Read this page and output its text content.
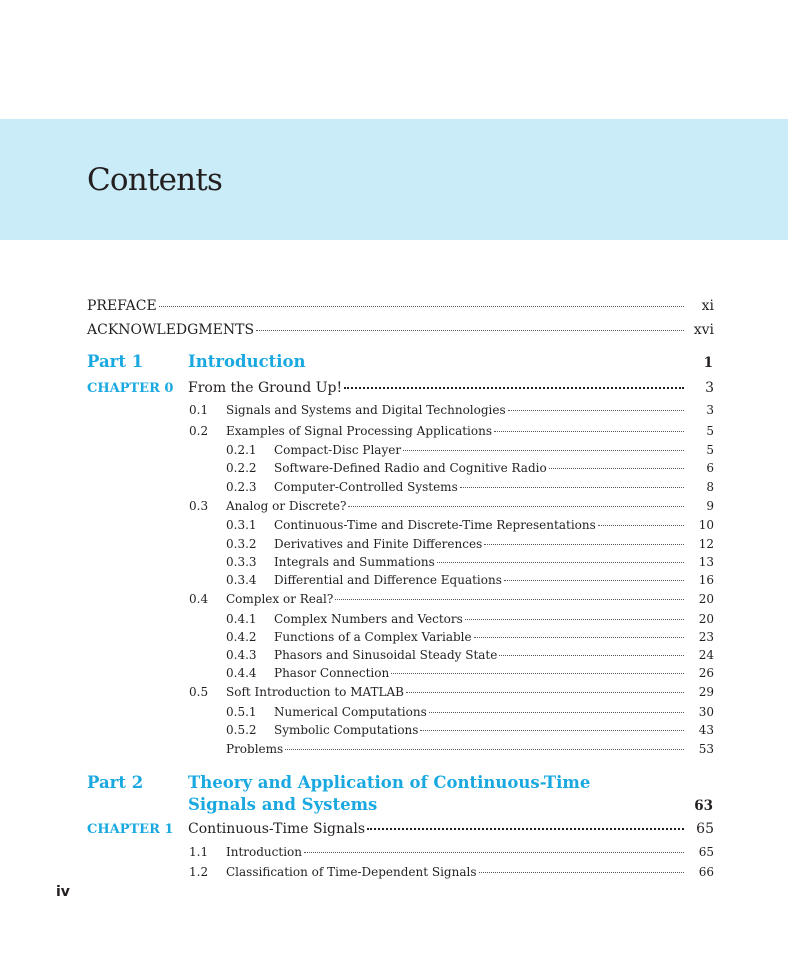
Contents
PREFACE	xi
ACKNOWLEDGMENTS	xvi
Part 1	Introduction	1
CHAPTER 0 From the Ground Up!	3
0.1	Signals and Systems and Digital Technologies	3
0.2	Examples of Signal Processing Applications	5
0.2.1	Compact-Disc Player	5
0.2.2	Software-Defined Radio and Cognitive Radio	6
0.2.3	Computer-Controlled Systems	8
0.3	Analog or Discrete?	9
0.3.1	Continuous-Time and Discrete-Time Representations	10
0.3.2	Derivatives and Finite Differences	12
0.3.3	Integrals and Summations	13
0.3.4	Differential and Difference Equations	16
0.4	Complex or Real?	20
0.4.1	Complex Numbers and Vectors	20
0.4.2	Functions of a Complex Variable	23
0.4.3	Phasors and Sinusoidal Steady State	24
0.4.4	Phasor Connection	26
0.5	Soft Introduction to MATLAB	29
0.5.1	Numerical Computations	30
0.5.2	Symbolic Computations	43
Problems	53
Part 2	Theory and Application of Continuous-Time
Signals and Systems	63
CHAPTER 1 Continuous-Time Signals	65
1.1	Introduction	65
1.2	Classification of Time-Dependent Signals	66
iv
